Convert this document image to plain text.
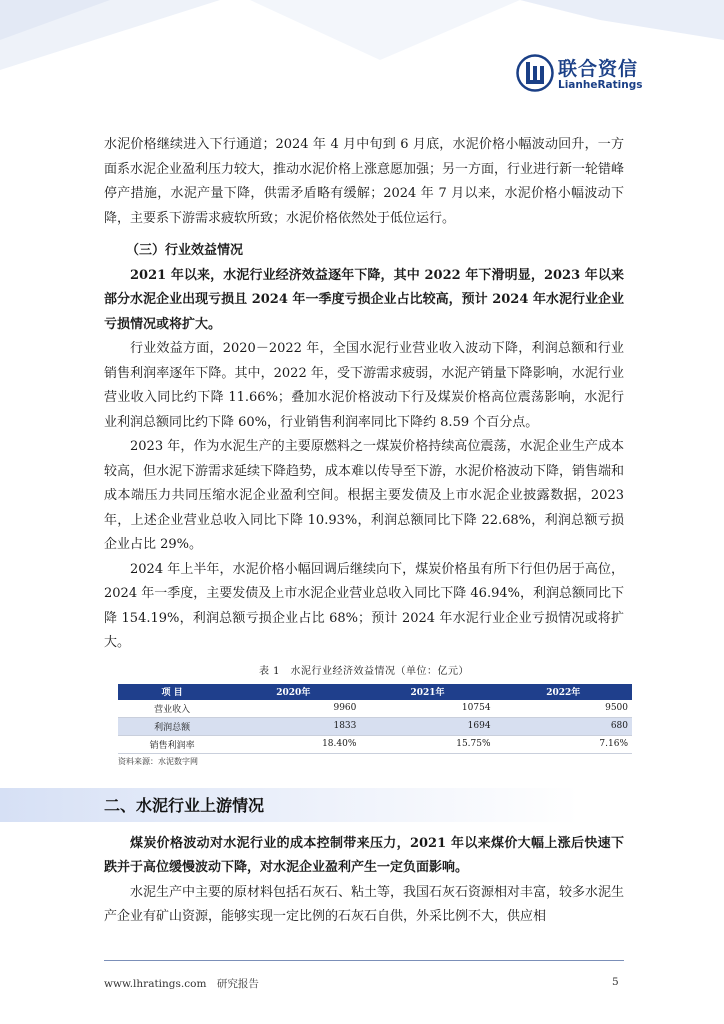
联合资信
LianheRatings

水泥价格继续进入下行通道；2024 年 4 月中旬到 6 月底，水泥价格小幅波动回升，一方面系水泥企业盈利压力较大，推动水泥价格上涨意愿加强；另一方面，行业进行新一轮错峰停产措施，水泥产量下降，供需矛盾略有缓解；2024 年 7 月以来，水泥价格小幅波动下降，主要系下游需求疲软所致；水泥价格依然处于低位运行。

（三）行业效益情况

2021 年以来，水泥行业经济效益逐年下降，其中 2022 年下滑明显，2023 年以来部分水泥企业出现亏损且 2024 年一季度亏损企业占比较高，预计 2024 年水泥行业企业亏损情况或将扩大。

行业效益方面，2020－2022 年，全国水泥行业营业收入波动下降，利润总额和行业销售利润率逐年下降。其中，2022 年，受下游需求疲弱，水泥产销量下降影响，水泥行业营业收入同比约下降 11.66%；叠加水泥价格波动下行及煤炭价格高位震荡影响，水泥行业利润总额同比约下降 60%，行业销售利润率同比下降约 8.59 个百分点。

2023 年，作为水泥生产的主要原燃料之一煤炭价格持续高位震荡，水泥企业生产成本较高，但水泥下游需求延续下降趋势，成本难以传导至下游，水泥价格波动下降，销售端和成本端压力共同压缩水泥企业盈利空间。根据主要发债及上市水泥企业披露数据，2023 年，上述企业营业总收入同比下降 10.93%，利润总额同比下降 22.68%，利润总额亏损企业占比 29%。

2024 年上半年，水泥价格小幅回调后继续向下，煤炭价格虽有所下行但仍居于高位，2024 年一季度，主要发债及上市水泥企业营业总收入同比下降 46.94%，利润总额同比下降 154.19%，利润总额亏损企业占比 68%；预计 2024 年水泥行业企业亏损情况或将扩大。

表 1　水泥行业经济效益情况（单位：亿元）
项 目	2020年	2021年	2022年
营业收入	9960	10754	9500
利润总额	1833	1694	680
销售利润率	18.40%	15.75%	7.16%
资料来源：水泥数字网
二、水泥行业上游情况

煤炭价格波动对水泥行业的成本控制带来压力，2021 年以来煤价大幅上涨后快速下跌并于高位缓慢波动下降，对水泥企业盈利产生一定负面影响。

水泥生产中主要的原材料包括石灰石、粘土等，我国石灰石资源相对丰富，较多水泥生产企业有矿山资源，能够实现一定比例的石灰石自供，外采比例不大，供应相

www.lhratings.com　研究报告	5
